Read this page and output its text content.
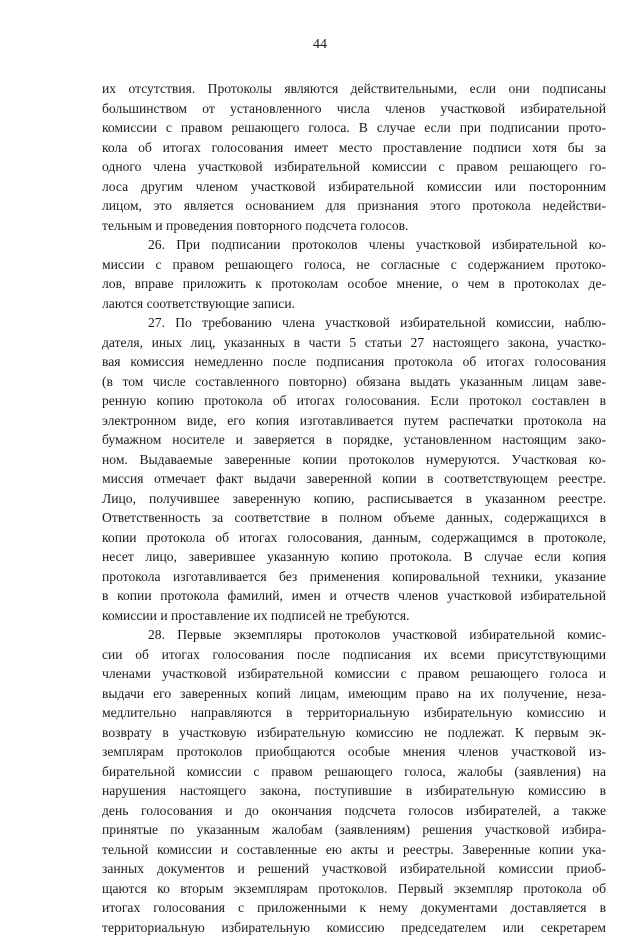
44
их отсутствия. Протоколы являются действительными, если они подписаны
большинством от установленного числа членов участковой избирательной
комиссии с правом решающего голоса. В случае если при подписании прото-
кола об итогах голосования имеет место проставление подписи хотя бы за
одного члена участковой избирательной комиссии с правом решающего го-
лоса другим членом участковой избирательной комиссии или посторонним
лицом, это является основанием для признания этого протокола недействи-
тельным и проведения повторного подсчета голосов.
26. При подписании протоколов члены участковой избирательной ко-
миссии с правом решающего голоса, не согласные с содержанием протоко-
лов, вправе приложить к протоколам особое мнение, о чем в протоколах де-
лаются соответствующие записи.
27. По требованию члена участковой избирательной комиссии, наблю-
дателя, иных лиц, указанных в части 5 статьи 27 настоящего закона, участко-
вая комиссия немедленно после подписания протокола об итогах голосования
(в том числе составленного повторно) обязана выдать указанным лицам заве-
ренную копию протокола об итогах голосования. Если протокол составлен в
электронном виде, его копия изготавливается путем распечатки протокола на
бумажном носителе и заверяется в порядке, установленном настоящим зако-
ном. Выдаваемые заверенные копии протоколов нумеруются. Участковая ко-
миссия отмечает факт выдачи заверенной копии в соответствующем реестре.
Лицо, получившее заверенную копию, расписывается в указанном реестре.
Ответственность за соответствие в полном объеме данных, содержащихся в
копии протокола об итогах голосования, данным, содержащимся в протоколе,
несет лицо, заверившее указанную копию протокола. В случае если копия
протокола изготавливается без применения копировальной техники, указание
в копии протокола фамилий, имен и отчеств членов участковой избирательной
комиссии и проставление их подписей не требуются.
28. Первые экземпляры протоколов участковой избирательной комис-
сии об итогах голосования после подписания их всеми присутствующими
членами участковой избирательной комиссии с правом решающего голоса и
выдачи его заверенных копий лицам, имеющим право на их получение, неза-
медлительно направляются в территориальную избирательную комиссию и
возврату в участковую избирательную комиссию не подлежат. К первым эк-
земплярам протоколов приобщаются особые мнения членов участковой из-
бирательной комиссии с правом решающего голоса, жалобы (заявления) на
нарушения настоящего закона, поступившие в избирательную комиссию в
день голосования и до окончания подсчета голосов избирателей, а также
принятые по указанным жалобам (заявлениям) решения участковой избира-
тельной комиссии и составленные ею акты и реестры. Заверенные копии ука-
занных документов и решений участковой избирательной комиссии приоб-
щаются ко вторым экземплярам протоколов. Первый экземпляр протокола об
итогах голосования с приложенными к нему документами доставляется в
территориальную избирательную комиссию председателем или секретарем
